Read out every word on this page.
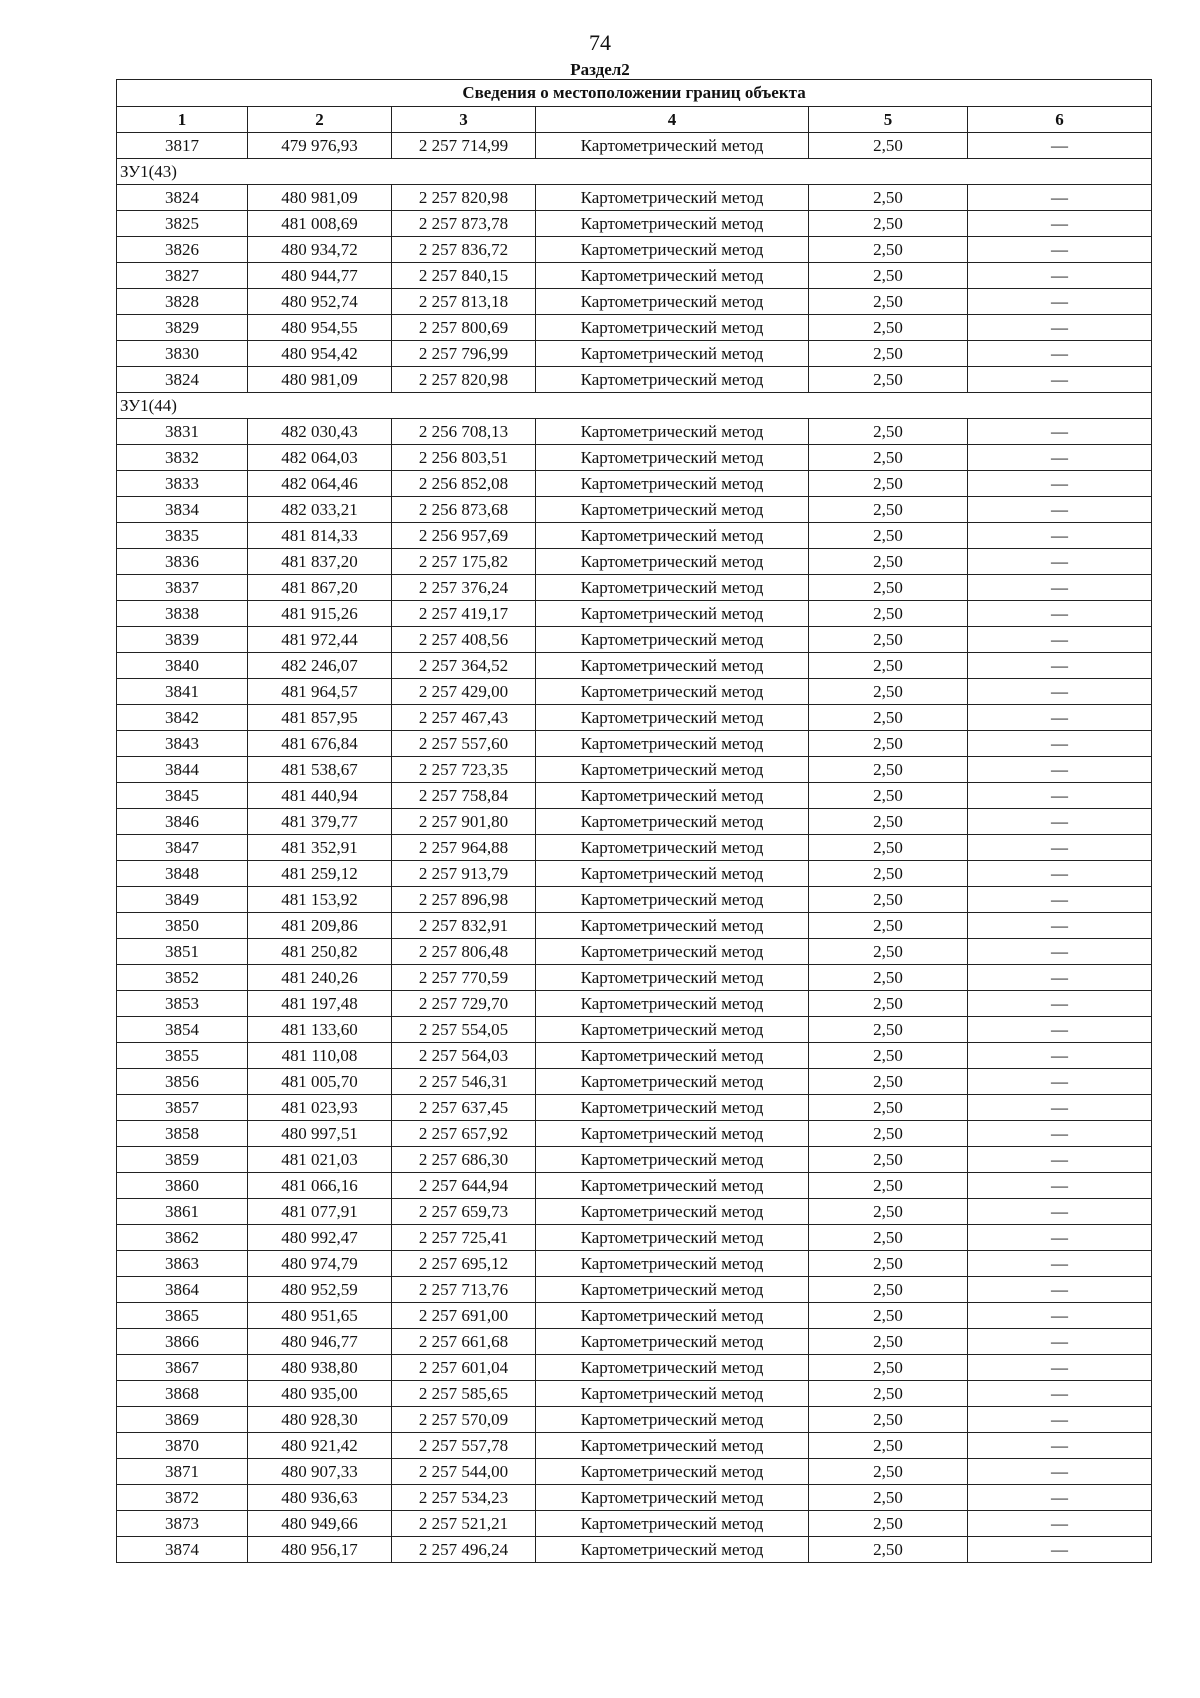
74
Раздел2
Сведения о местоположении границ объекта					
1	2	3	4	5	6
3817	479 976,93	2 257 714,99	Картометрический метод	2,50	—
ЗУ1(43)					
3824	480 981,09	2 257 820,98	Картометрический метод	2,50	—
3825	481 008,69	2 257 873,78	Картометрический метод	2,50	—
3826	480 934,72	2 257 836,72	Картометрический метод	2,50	—
3827	480 944,77	2 257 840,15	Картометрический метод	2,50	—
3828	480 952,74	2 257 813,18	Картометрический метод	2,50	—
3829	480 954,55	2 257 800,69	Картометрический метод	2,50	—
3830	480 954,42	2 257 796,99	Картометрический метод	2,50	—
3824	480 981,09	2 257 820,98	Картометрический метод	2,50	—
ЗУ1(44)					
3831	482 030,43	2 256 708,13	Картометрический метод	2,50	—
3832	482 064,03	2 256 803,51	Картометрический метод	2,50	—
3833	482 064,46	2 256 852,08	Картометрический метод	2,50	—
3834	482 033,21	2 256 873,68	Картометрический метод	2,50	—
3835	481 814,33	2 256 957,69	Картометрический метод	2,50	—
3836	481 837,20	2 257 175,82	Картометрический метод	2,50	—
3837	481 867,20	2 257 376,24	Картометрический метод	2,50	—
3838	481 915,26	2 257 419,17	Картометрический метод	2,50	—
3839	481 972,44	2 257 408,56	Картометрический метод	2,50	—
3840	482 246,07	2 257 364,52	Картометрический метод	2,50	—
3841	481 964,57	2 257 429,00	Картометрический метод	2,50	—
3842	481 857,95	2 257 467,43	Картометрический метод	2,50	—
3843	481 676,84	2 257 557,60	Картометрический метод	2,50	—
3844	481 538,67	2 257 723,35	Картометрический метод	2,50	—
3845	481 440,94	2 257 758,84	Картометрический метод	2,50	—
3846	481 379,77	2 257 901,80	Картометрический метод	2,50	—
3847	481 352,91	2 257 964,88	Картометрический метод	2,50	—
3848	481 259,12	2 257 913,79	Картометрический метод	2,50	—
3849	481 153,92	2 257 896,98	Картометрический метод	2,50	—
3850	481 209,86	2 257 832,91	Картометрический метод	2,50	—
3851	481 250,82	2 257 806,48	Картометрический метод	2,50	—
3852	481 240,26	2 257 770,59	Картометрический метод	2,50	—
3853	481 197,48	2 257 729,70	Картометрический метод	2,50	—
3854	481 133,60	2 257 554,05	Картометрический метод	2,50	—
3855	481 110,08	2 257 564,03	Картометрический метод	2,50	—
3856	481 005,70	2 257 546,31	Картометрический метод	2,50	—
3857	481 023,93	2 257 637,45	Картометрический метод	2,50	—
3858	480 997,51	2 257 657,92	Картометрический метод	2,50	—
3859	481 021,03	2 257 686,30	Картометрический метод	2,50	—
3860	481 066,16	2 257 644,94	Картометрический метод	2,50	—
3861	481 077,91	2 257 659,73	Картометрический метод	2,50	—
3862	480 992,47	2 257 725,41	Картометрический метод	2,50	—
3863	480 974,79	2 257 695,12	Картометрический метод	2,50	—
3864	480 952,59	2 257 713,76	Картометрический метод	2,50	—
3865	480 951,65	2 257 691,00	Картометрический метод	2,50	—
3866	480 946,77	2 257 661,68	Картометрический метод	2,50	—
3867	480 938,80	2 257 601,04	Картометрический метод	2,50	—
3868	480 935,00	2 257 585,65	Картометрический метод	2,50	—
3869	480 928,30	2 257 570,09	Картометрический метод	2,50	—
3870	480 921,42	2 257 557,78	Картометрический метод	2,50	—
3871	480 907,33	2 257 544,00	Картометрический метод	2,50	—
3872	480 936,63	2 257 534,23	Картометрический метод	2,50	—
3873	480 949,66	2 257 521,21	Картометрический метод	2,50	—
3874	480 956,17	2 257 496,24	Картометрический метод	2,50	—
